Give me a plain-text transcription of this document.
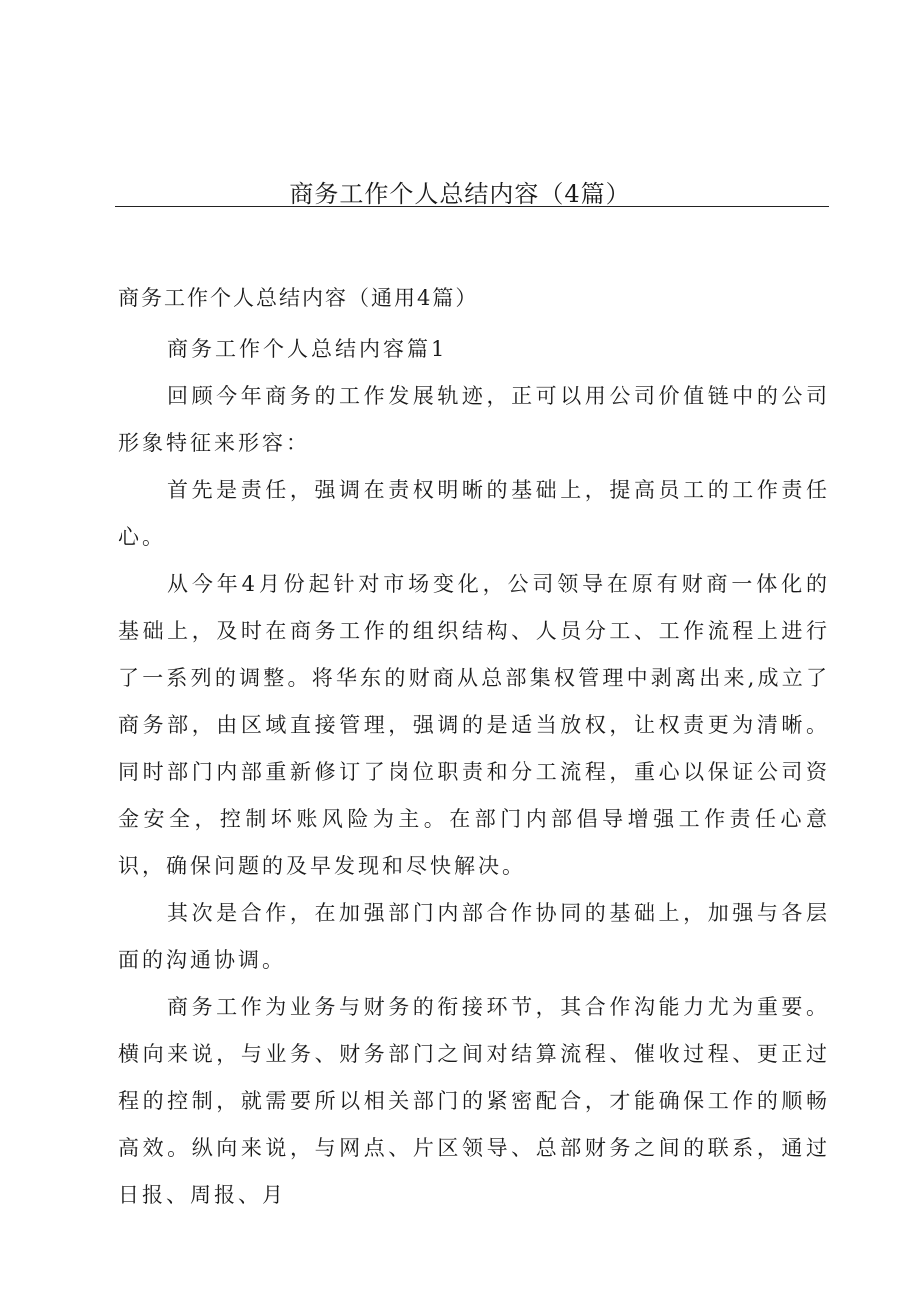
商务工作个人总结内容（4篇）

商务工作个人总结内容（通用4篇）

商务工作个人总结内容篇1

回顾今年商务的工作发展轨迹，正可以用公司价值链中的公司形象特征来形容：

首先是责任，强调在责权明晰的基础上，提高员工的工作责任心。

从今年4月份起针对市场变化，公司领导在原有财商一体化的基础上，及时在商务工作的组织结构、人员分工、工作流程上进行了一系列的调整。将华东的财商从总部集权管理中剥离出来,成立了商务部，由区域直接管理，强调的是适当放权，让权责更为清晰。同时部门内部重新修订了岗位职责和分工流程，重心以保证公司资金安全，控制坏账风险为主。在部门内部倡导增强工作责任心意识，确保问题的及早发现和尽快解决。

其次是合作，在加强部门内部合作协同的基础上，加强与各层面的沟通协调。

商务工作为业务与财务的衔接环节，其合作沟能力尤为重要。横向来说，与业务、财务部门之间对结算流程、催收过程、更正过程的控制，就需要所以相关部门的紧密配合，才能确保工作的顺畅高效。纵向来说，与网点、片区领导、总部财务之间的联系，通过日报、周报、月
